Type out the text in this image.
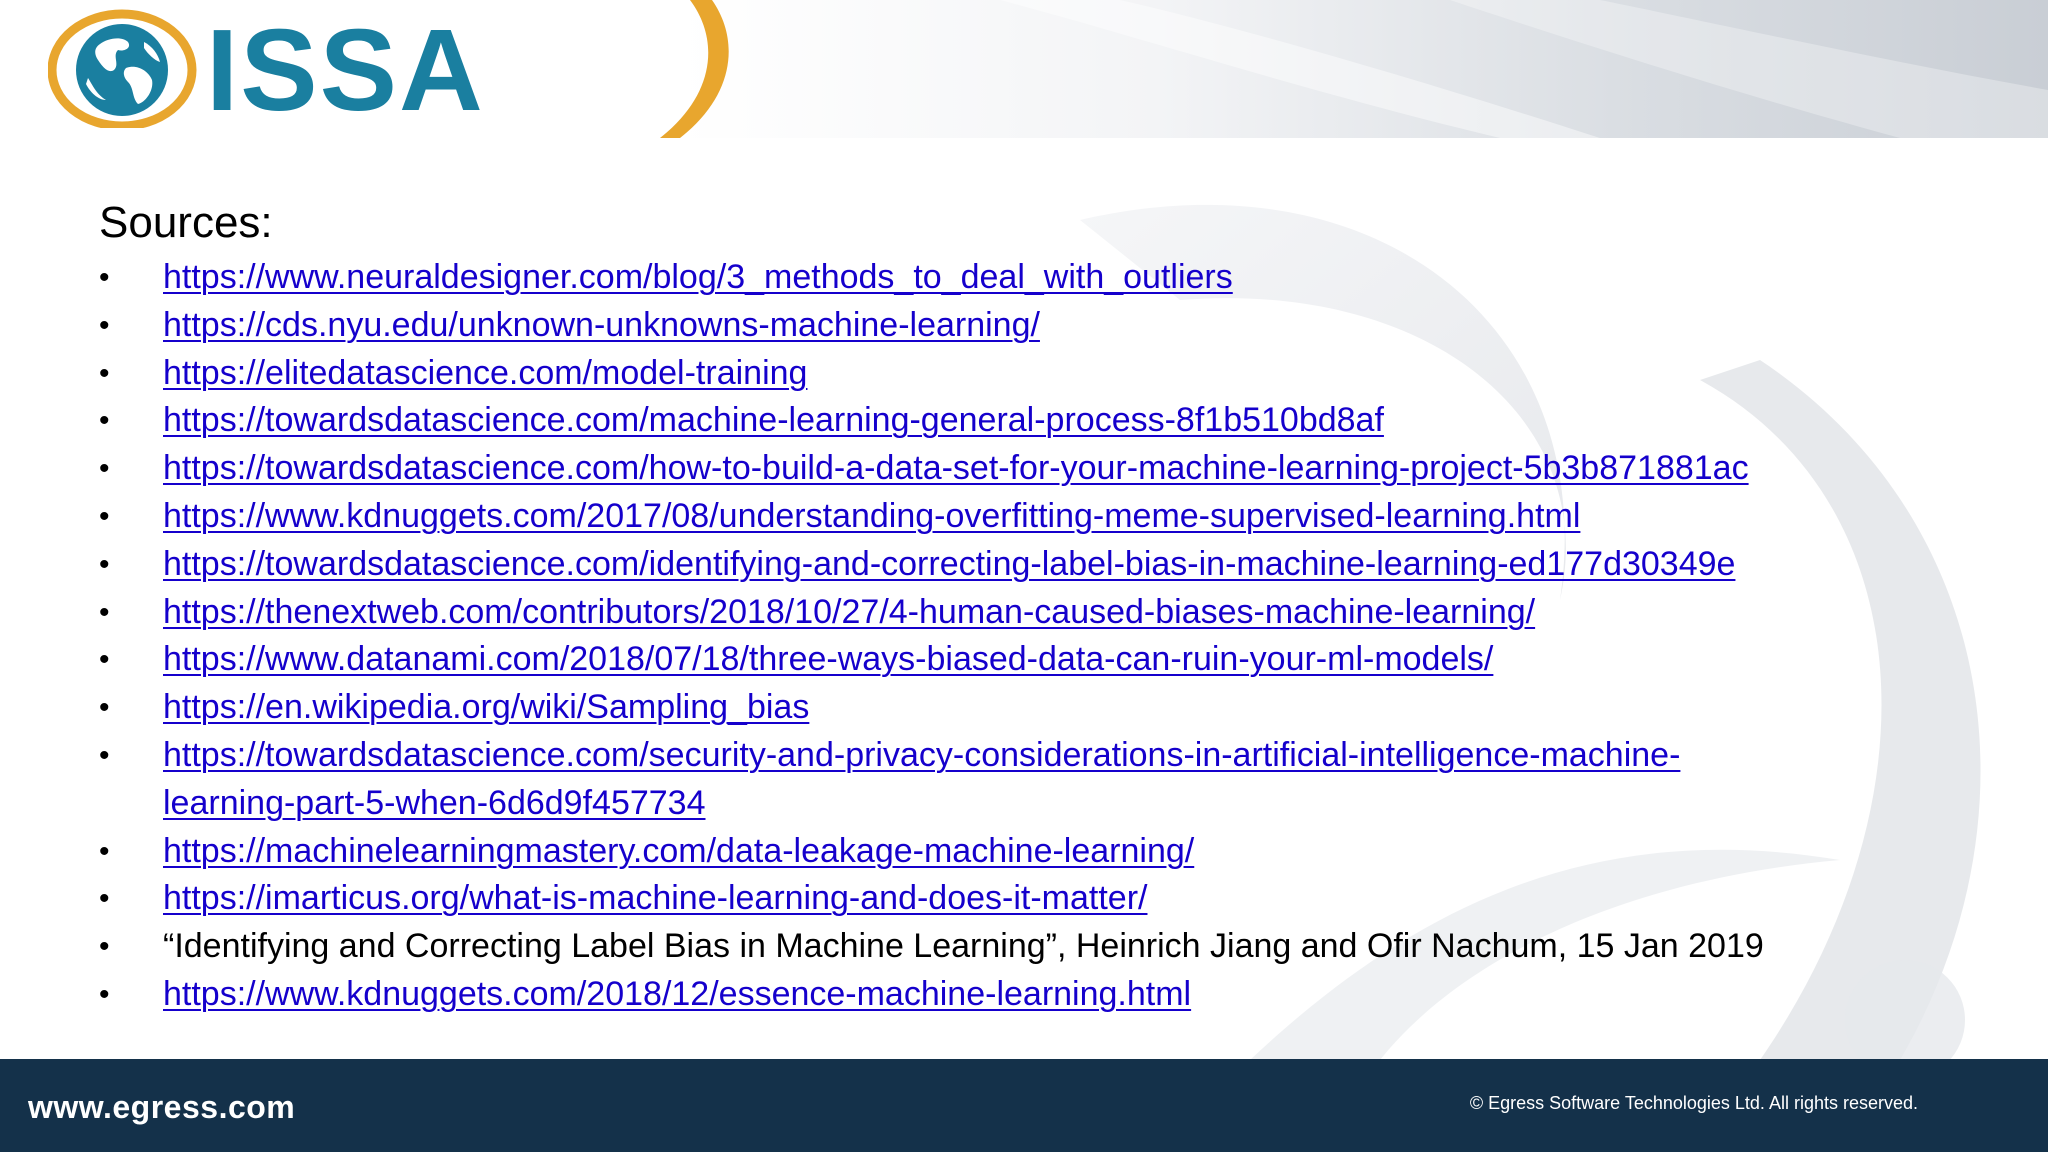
ISSA
Sources:
• https://www.neuraldesigner.com/blog/3_methods_to_deal_with_outliers
• https://cds.nyu.edu/unknown-unknowns-machine-learning/
• https://elitedatascience.com/model-training
• https://towardsdatascience.com/machine-learning-general-process-8f1b510bd8af
• https://towardsdatascience.com/how-to-build-a-data-set-for-your-machine-learning-project-5b3b871881ac
• https://www.kdnuggets.com/2017/08/understanding-overfitting-meme-supervised-learning.html
• https://towardsdatascience.com/identifying-and-correcting-label-bias-in-machine-learning-ed177d30349e
• https://thenextweb.com/contributors/2018/10/27/4-human-caused-biases-machine-learning/
• https://www.datanami.com/2018/07/18/three-ways-biased-data-can-ruin-your-ml-models/
• https://en.wikipedia.org/wiki/Sampling_bias
• https://towardsdatascience.com/security-and-privacy-considerations-in-artificial-intelligence-machine-
learning-part-5-when-6d6d9f457734
• https://machinelearningmastery.com/data-leakage-machine-learning/
• https://imarticus.org/what-is-machine-learning-and-does-it-matter/
• “Identifying and Correcting Label Bias in Machine Learning”, Heinrich Jiang and Ofir Nachum, 15 Jan 2019
• https://www.kdnuggets.com/2018/12/essence-machine-learning.html
www.egress.com	© Egress Software Technologies Ltd. All rights reserved.
